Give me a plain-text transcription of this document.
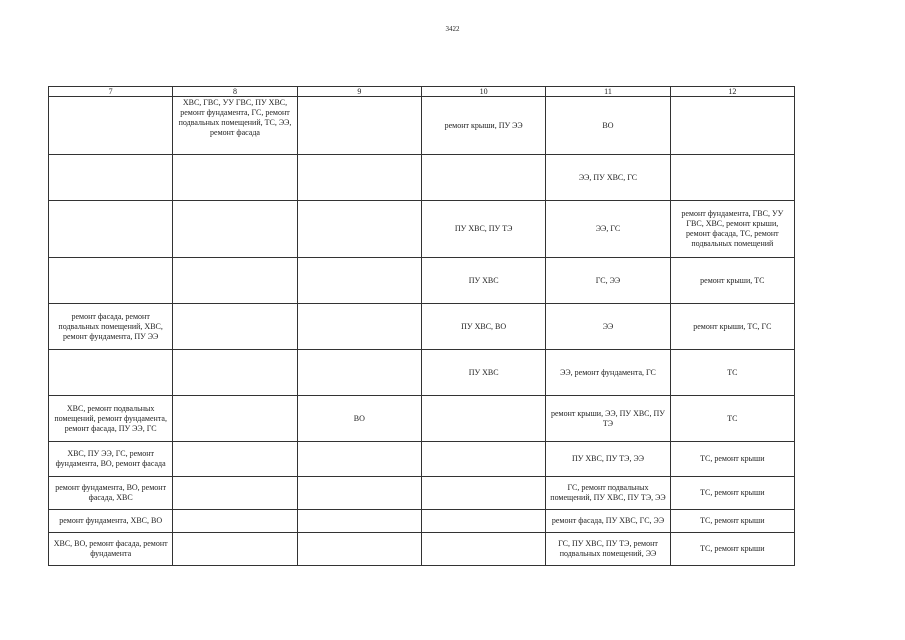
3422
7	8	9	10	11	12
	ХВС, ГВС, УУ ГВС, ПУ ХВС, ремонт фундамента, ГС, ремонт подвальных помещений, ТС, ЭЭ, ремонт фасада		ремонт крыши, ПУ ЭЭ	ВО	
				ЭЭ, ПУ ХВС, ГС	
			ПУ ХВС, ПУ ТЭ	ЭЭ, ГС	ремонт фундамента, ГВС, УУ ГВС, ХВС, ремонт крыши, ремонт фасада, ТС, ремонт подвальных помещений
			ПУ ХВС	ГС, ЭЭ	ремонт крыши, ТС
ремонт фасада, ремонт подвальных помещений, ХВС, ремонт фундамента, ПУ ЭЭ			ПУ ХВС, ВО	ЭЭ	ремонт крыши, ТС, ГС
			ПУ ХВС	ЭЭ, ремонт фундамента, ГС	ТС
ХВС, ремонт подвальных помещений, ремонт фундамента, ремонт фасада, ПУ ЭЭ, ГС		ВО		ремонт крыши, ЭЭ, ПУ ХВС, ПУ ТЭ	ТС
ХВС, ПУ ЭЭ, ГС, ремонт фундамента, ВО, ремонт фасада				ПУ ХВС, ПУ ТЭ, ЭЭ	ТС, ремонт крыши
ремонт фундамента, ВО, ремонт фасада, ХВС				ГС, ремонт подвальных помещений, ПУ ХВС, ПУ ТЭ, ЭЭ	ТС, ремонт крыши
ремонт фундамента, ХВС, ВО				ремонт фасада, ПУ ХВС, ГС, ЭЭ	ТС, ремонт крыши
ХВС, ВО, ремонт фасада, ремонт фундамента				ГС, ПУ ХВС, ПУ ТЭ, ремонт подвальных помещений, ЭЭ	ТС, ремонт крыши
